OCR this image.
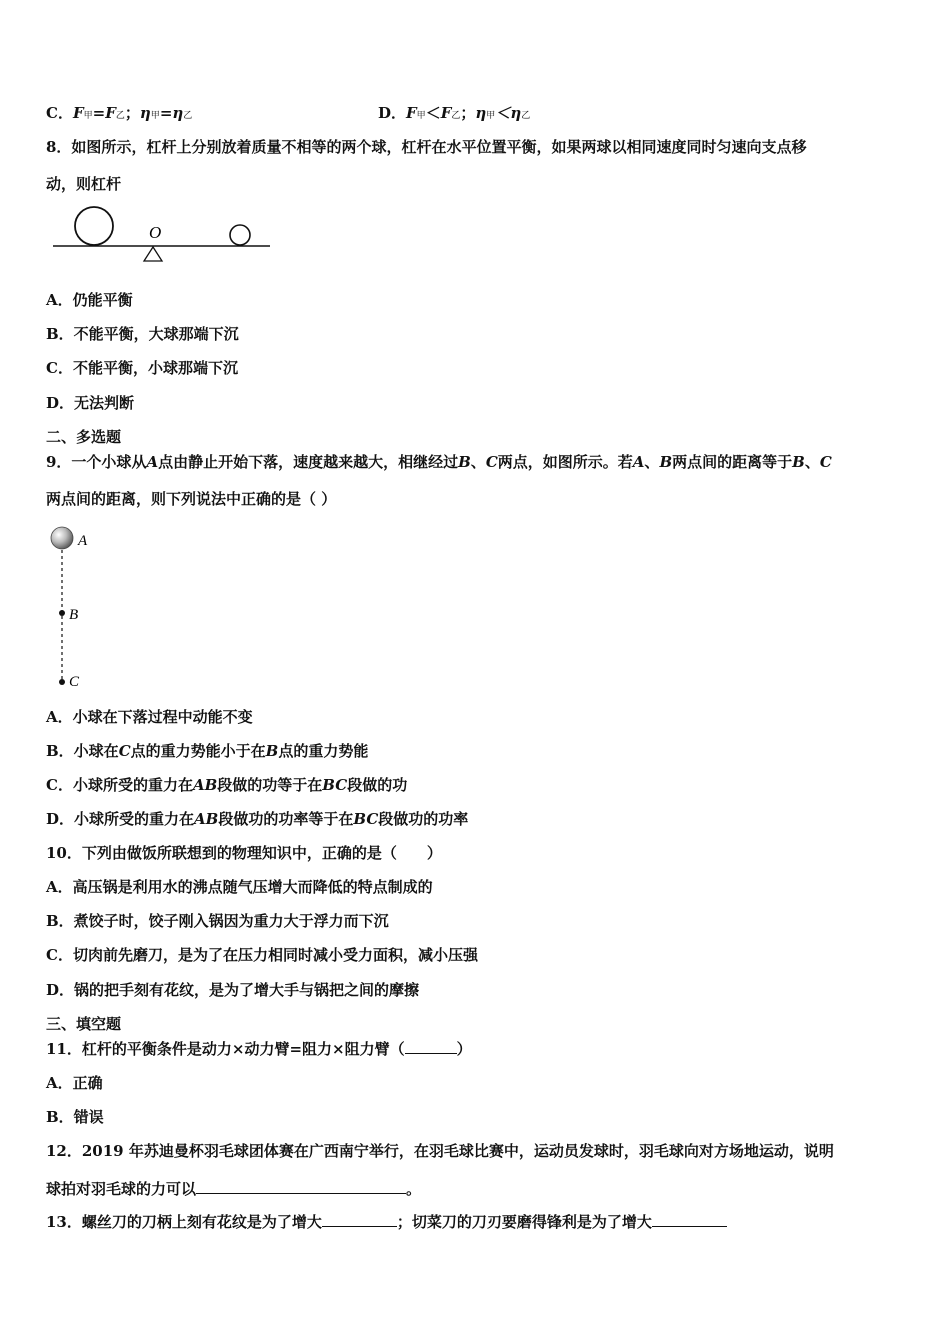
C．F甲=F乙；η甲=η乙	D．F甲＜F乙；η甲＜η乙
8．如图所示，杠杆上分别放着质量不相等的两个球，杠杆在水平位置平衡，如果两球以相同速度同时匀速向支点移
动，则杠杆
O
A．仍能平衡
B．不能平衡，大球那端下沉
C．不能平衡，小球那端下沉
D．无法判断
二、多选题
9．一个小球从A点由静止开始下落，速度越来越大，相继经过B、C两点，如图所示。若A、B两点间的距离等于B、C
两点间的距离，则下列说法中正确的是（ ）
A
B
C
A．小球在下落过程中动能不变
B．小球在C点的重力势能小于在B点的重力势能
C．小球所受的重力在AB段做的功等于在BC段做的功
D．小球所受的重力在AB段做功的功率等于在BC段做功的功率
10．下列由做饭所联想到的物理知识中，正确的是（　　）
A．高压锅是利用水的沸点随气压增大而降低的特点制成的
B．煮饺子时，饺子刚入锅因为重力大于浮力而下沉
C．切肉前先磨刀，是为了在压力相同时减小受力面积，减小压强
D．锅的把手刻有花纹，是为了增大手与锅把之间的摩擦
三、填空题
11．杠杆的平衡条件是动力×动力臂=阻力×阻力臂（	）
A．正确
B．错误
12．2019 年苏迪曼杯羽毛球团体赛在广西南宁举行，在羽毛球比赛中，运动员发球时，羽毛球向对方场地运动，说明
球拍对羽毛球的力可以	。
13．螺丝刀的刀柄上刻有花纹是为了增大	；切菜刀的刀刃要磨得锋利是为了增大
